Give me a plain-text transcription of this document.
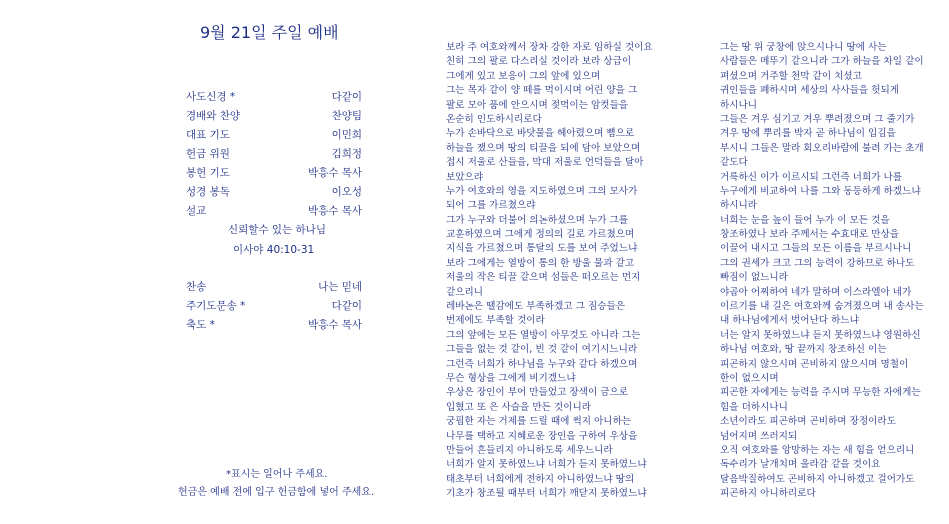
9월 21일 주일 예배
사도신경 *	다같이
경배와 찬양	찬양팀
대표 기도	이민희
헌금 위원	김희정
봉헌 기도	박흥수 목사
성경 봉독	이오성
설교	박흥수 목사
신뢰할수 있는 하나님
이사야 40:10-31
찬송	나는 믿네
주기도문송 *	다같이
축도 *	박흥수 목사
*표시는 일어나 주세요.
헌금은 예배 전에 입구 헌금함에 넣어 주세요.
보라 주 여호와께서 장차 강한 자로 임하실 것이요
친히 그의 팔로 다스리실 것이라 보라 상급이
그에게 있고 보응이 그의 앞에 있으며
그는 목자 같이 양 떼를 먹이시며 어린 양을 그
팔로 모아 품에 안으시며 젖먹이는 암컷들을
온순히 인도하시리로다
누가 손바닥으로 바닷물을 헤아렸으며 뼘으로
하늘을 쟀으며 땅의 티끌을 되에 담아 보았으며
접시 저울로 산들을, 막대 저울로 언덕들을 달아
보았으랴
누가 여호와의 영을 지도하였으며 그의 모사가
되어 그를 가르쳤으랴
그가 누구와 더불어 의논하셨으며 누가 그를
교훈하였으며 그에게 정의의 길로 가르쳤으며
지식을 가르쳤으며 통달의 도를 보여 주었느냐
보라 그에게는 열방이 통의 한 방울 물과 같고
저울의 작은 티끌 같으며 섬들은 떠오르는 먼지
같으리니
레바논은 땔감에도 부족하겠고 그 짐승들은
번제에도 부족할 것이라
그의 앞에는 모든 열방이 아무것도 아니라 그는
그들을 없는 것 같이, 빈 것 같이 여기시느니라
그런즉 너희가 하나님을 누구와 같다 하겠으며
무슨 형상을 그에게 비기겠느냐
우상은 장인이 부어 만들었고 장색이 금으로
입혔고 또 은 사슬을 만든 것이니라
궁핍한 자는 거제를 드릴 때에 썩지 아니하는
나무를 택하고 지혜로운 장인을 구하여 우상을
만들어 흔들리지 아니하도록 세우느니라
너희가 알지 못하였느냐 너희가 듣지 못하였느냐
태초부터 너희에게 전하지 아니하였느냐 땅의
기초가 창조될 때부터 너희가 깨닫지 못하였느냐
그는 땅 위 궁창에 앉으시나니 땅에 사는
사람들은 메뚜기 같으니라 그가 하늘을 차일 같이
펴셨으며 거주할 천막 같이 치셨고
귀인들을 폐하시며 세상의 사사들을 헛되게
하시나니
그들은 겨우 심기고 겨우 뿌려졌으며 그 줄기가
겨우 땅에 뿌리를 박자 곧 하나님이 입김을
부시니 그들은 말라 회오리바람에 불려 가는 초개
같도다
거룩하신 이가 이르시되 그런즉 너희가 나를
누구에게 비교하여 나를 그와 동등하게 하겠느냐
하시니라
너희는 눈을 높이 들어 누가 이 모든 것을
창조하였나 보라 주께서는 수효대로 만상을
이끌어 내시고 그들의 모든 이름을 부르시나니
그의 권세가 크고 그의 능력이 강하므로 하나도
빠짐이 없느니라
야곱아 어찌하여 네가 말하며 이스라엘아 네가
이르기를 내 길은 여호와께 숨겨졌으며 내 송사는
내 하나님에게서 벗어난다 하느냐
너는 알지 못하였느냐 듣지 못하였느냐 영원하신
하나님 여호와, 땅 끝까지 창조하신 이는
피곤하지 않으시며 곤비하지 않으시며 명철이
한이 없으시며
피곤한 자에게는 능력을 주시며 무능한 자에게는
힘을 더하시나니
소년이라도 피곤하며 곤비하며 장정이라도
넘어지며 쓰러지되
오직 여호와를 앙망하는 자는 새 힘을 얻으리니
독수리가 날개치며 올라감 같을 것이요
달음박질하여도 곤비하지 아니하겠고 걸어가도
피곤하지 아니하리로다
